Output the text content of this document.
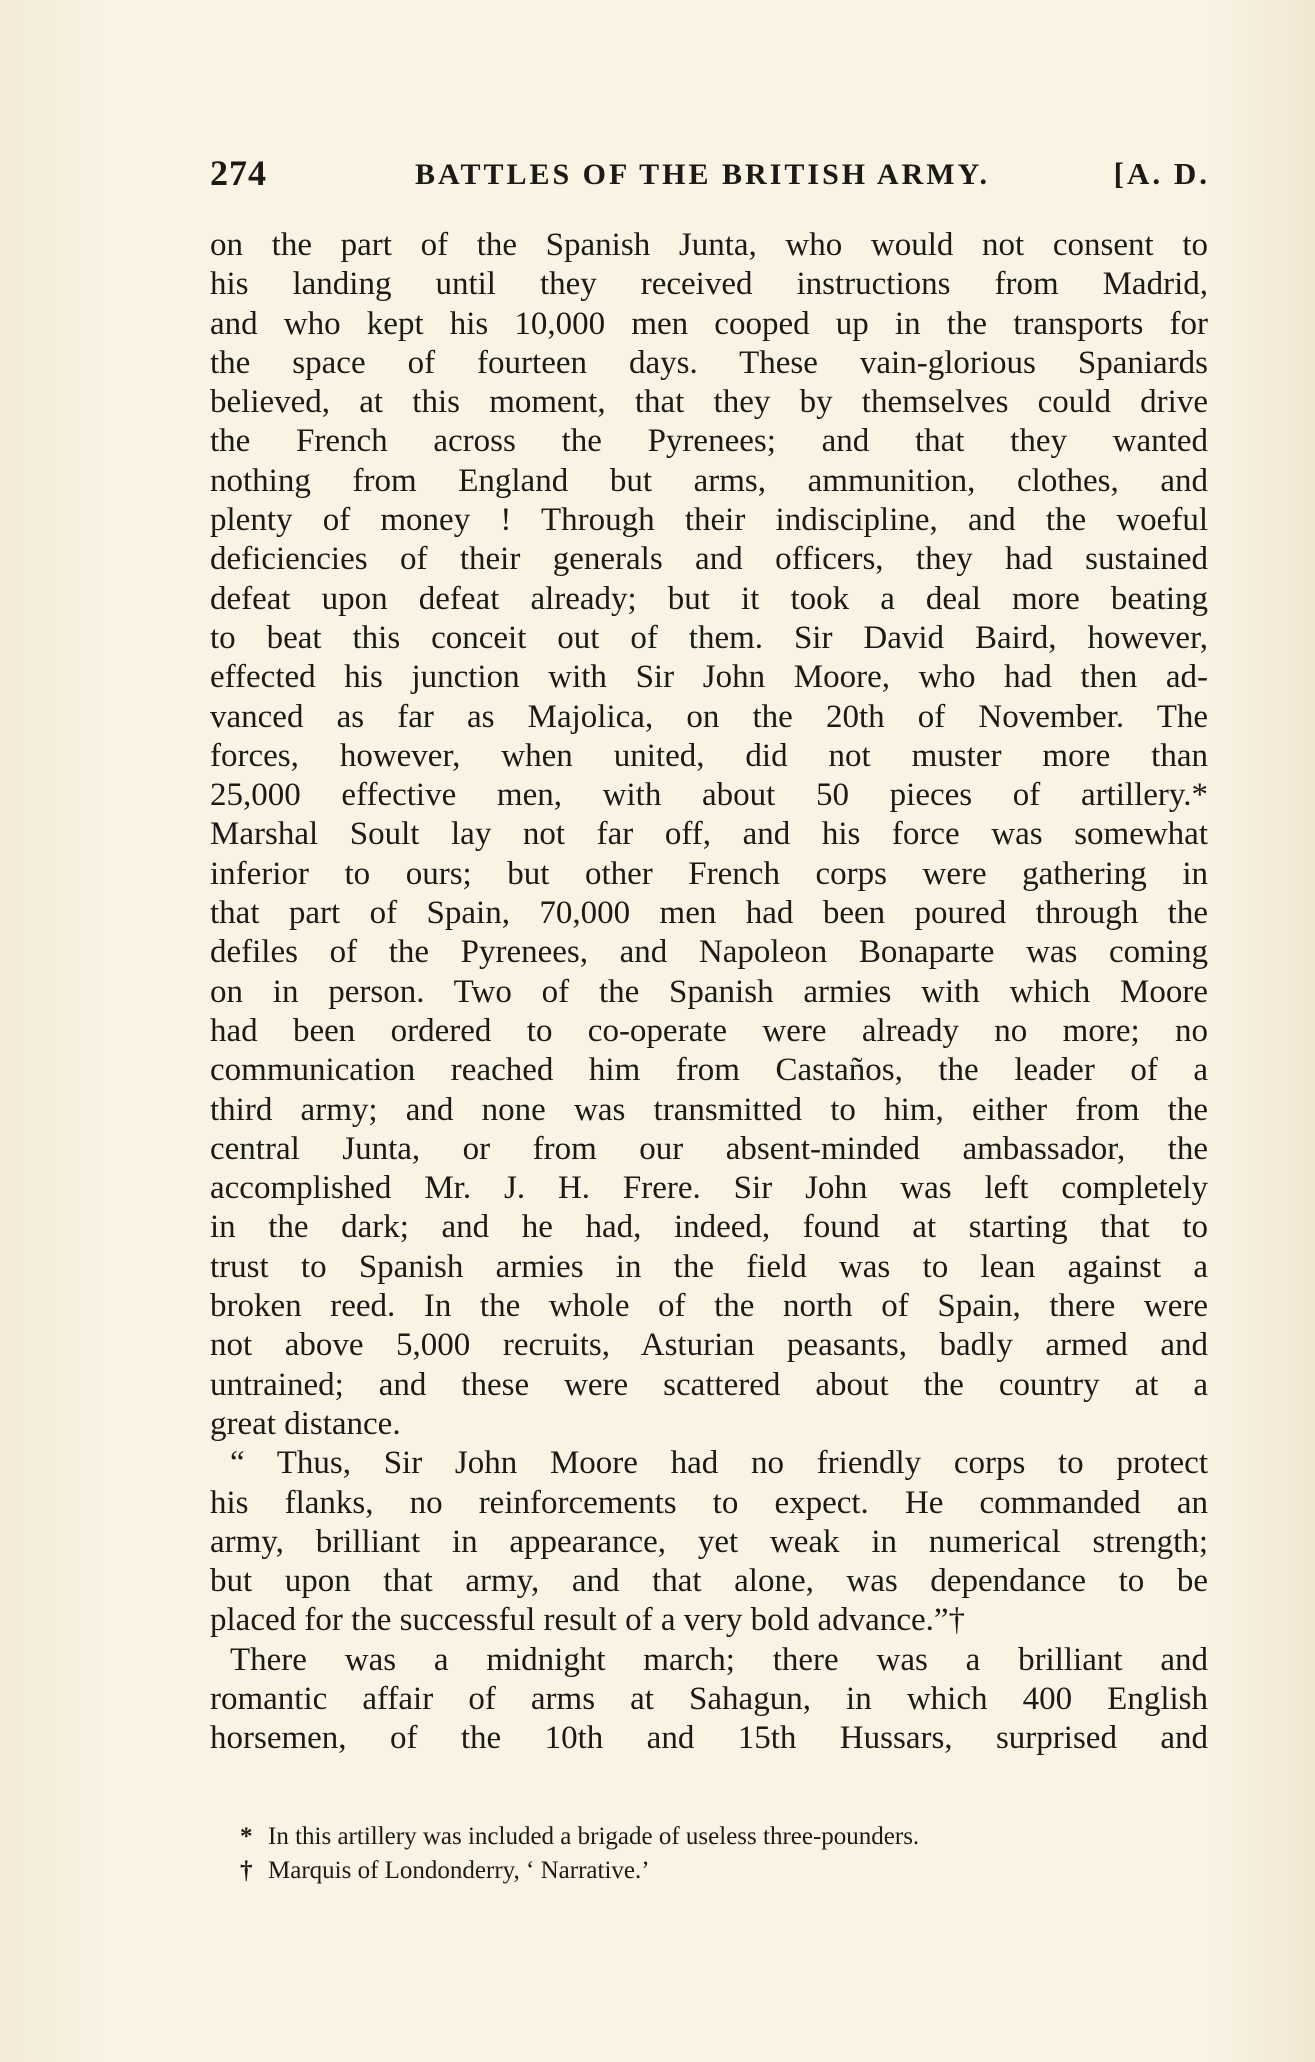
274	BATTLES OF THE BRITISH ARMY.	[A. D.
on the part of the Spanish Junta, who would not consent to
his landing until they received instructions from Madrid,
and who kept his 10,000 men cooped up in the transports for
the space of fourteen days. These vain-glorious Spaniards
believed, at this moment, that they by themselves could drive
the French across the Pyrenees; and that they wanted
nothing from England but arms, ammunition, clothes, and
plenty of money ! Through their indiscipline, and the woeful
deficiencies of their generals and officers, they had sustained
defeat upon defeat already; but it took a deal more beating
to beat this conceit out of them. Sir David Baird, however,
effected his junction with Sir John Moore, who had then ad-
vanced as far as Majolica, on the 20th of November. The
forces, however, when united, did not muster more than
25,000 effective men, with about 50 pieces of artillery.*
Marshal Soult lay not far off, and his force was somewhat
inferior to ours; but other French corps were gathering in
that part of Spain, 70,000 men had been poured through the
defiles of the Pyrenees, and Napoleon Bonaparte was coming
on in person. Two of the Spanish armies with which Moore
had been ordered to co-operate were already no more; no
communication reached him from Castaños, the leader of a
third army; and none was transmitted to him, either from the
central Junta, or from our absent-minded ambassador, the
accomplished Mr. J. H. Frere. Sir John was left completely
in the dark; and he had, indeed, found at starting that to
trust to Spanish armies in the field was to lean against a
broken reed. In the whole of the north of Spain, there were
not above 5,000 recruits, Asturian peasants, badly armed and
untrained; and these were scattered about the country at a
great distance.
“ Thus, Sir John Moore had no friendly corps to protect
his flanks, no reinforcements to expect. He commanded an
army, brilliant in appearance, yet weak in numerical strength;
but upon that army, and that alone, was dependance to be
placed for the successful result of a very bold advance.”†
There was a midnight march; there was a brilliant and
romantic affair of arms at Sahagun, in which 400 English
horsemen, of the 10th and 15th Hussars, surprised and
* In this artillery was included a brigade of useless three-pounders.
† Marquis of Londonderry, ‘ Narrative.’
